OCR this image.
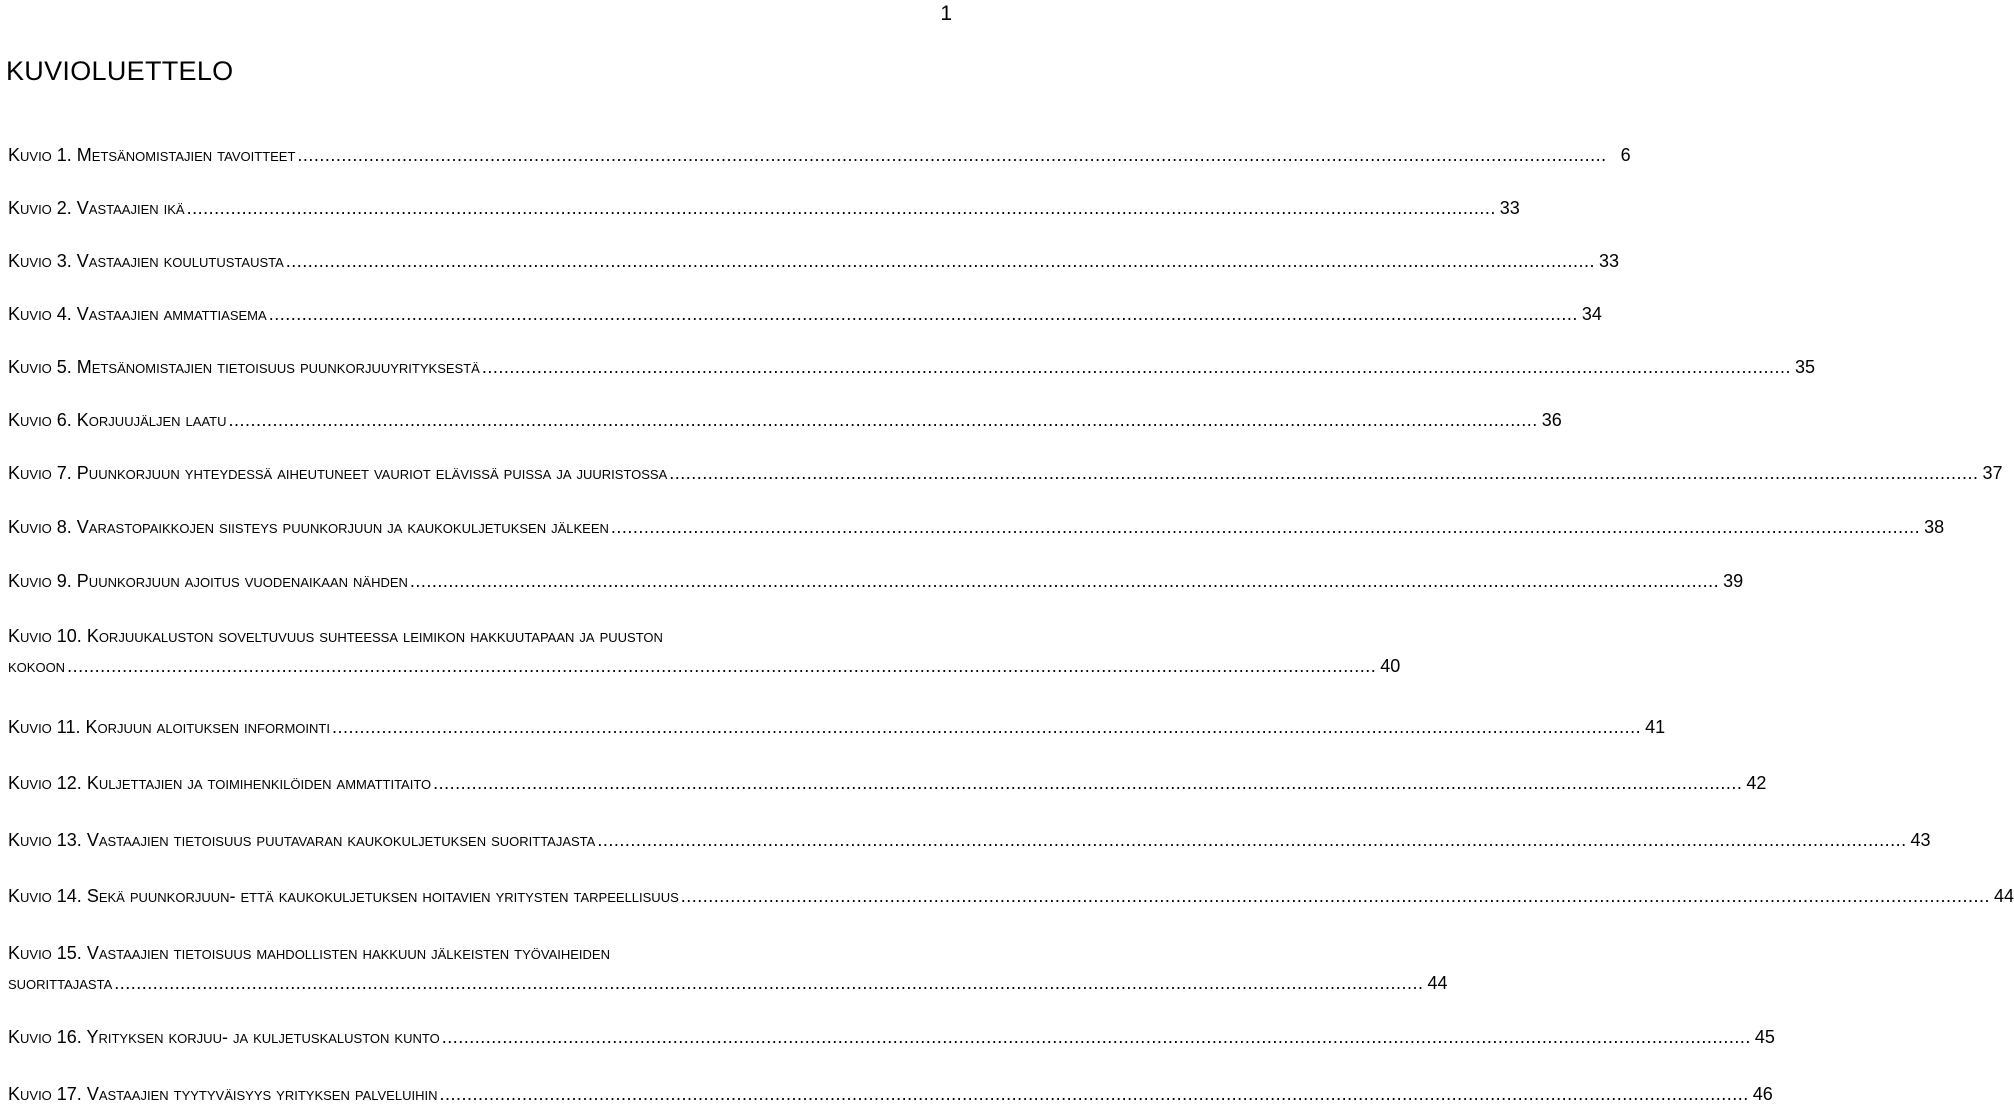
1
KUVIOLUETTELO
Kuvio 1. Metsänomistajien tavoitteet .....	6
Kuvio 2. Vastaajien ikä .....	33
Kuvio 3. Vastaajien koulutustausta .....	33
Kuvio 4. Vastaajien ammattiasema .....	34
Kuvio 5. Metsänomistajien tietoisuus puunkorjuuyrityksestä .....	35
Kuvio 6. Korjuujäljen laatu .....	36
Kuvio 7. Puunkorjuun yhteydessä aiheutuneet vauriot elävissä puissa ja juuristossa .....	37
Kuvio 8. Varastopaikkojen siisteys puunkorjuun ja kaukokuljetuksen jälkeen .....	38
Kuvio 9. Puunkorjuun ajoitus vuodenaikaan nähden .....	39
Kuvio 10. Korjuukaluston soveltuvuus suhteessa leimikon hakkuutapaan ja puuston
kokoon .....	40
Kuvio 11. Korjuun aloituksen informointi .....	41
Kuvio 12. Kuljettajien ja toimihenkilöiden ammattitaito .....	42
Kuvio 13. Vastaajien tietoisuus puutavaran kaukokuljetuksen suorittajasta .....	43
Kuvio 14. Sekä puunkorjuun- että kaukokuljetuksen hoitavien yritysten tarpeellisuus .....	44
Kuvio 15. Vastaajien tietoisuus mahdollisten hakkuun jälkeisten työvaiheiden
suorittajasta .....	44
Kuvio 16. Yrityksen korjuu- ja kuljetuskaluston kunto .....	45
Kuvio 17. Vastaajien tyytyväisyys yrityksen palveluihin .....	46
